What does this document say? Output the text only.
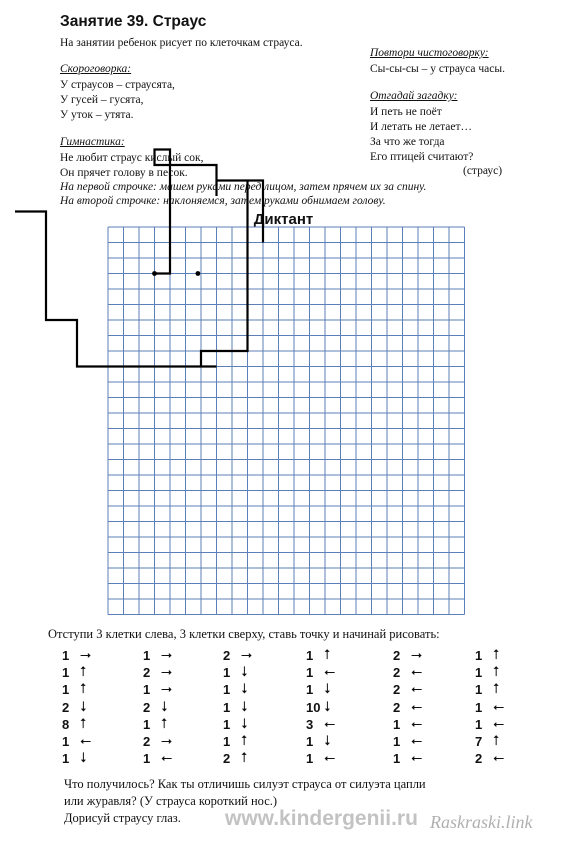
Занятие 39. Страус
На занятии ребенок рисует по клеточкам страуса.
Скороговорка:
У страусов – страусята,
У гусей – гусята,
У уток – утята.
Гимнастика:
Не любит страус кислый сок,
Он прячет голову в песок.
На первой строчке: машем руками перед лицом, затем прячем их за спину.
На второй строчке: наклоняемся, затем руками обнимаем голову.
Повтори чистоговорку:
Сы-сы-сы – у страуса часы.
Отгадай загадку:
И петь не поёт
И летать не летает…
За что же тогда
Его птицей считают?
(страус)
Диктант
Отступи 3 клетки слева, 3 клетки сверху, ставь точку и начинай рисовать:
1 ⭢
1 ⭡
1 ⭡
2 ⭣
8 ⭡
1 ⭠
1 ⭣
1 ⭢
2 ⭢
1 ⭢
2 ⭣
1 ⭡
2 ⭢
1 ⭠
2 ⭢
1 ⭣
1 ⭣
1 ⭣
1 ⭣
1 ⭡
2 ⭡
1 ⭡
1 ⭠
1 ⭣
10 ⭣
3 ⭠
1 ⭣
1 ⭠
2 ⭢
2 ⭠
2 ⭠
2 ⭠
1 ⭠
1 ⭠
1 ⭠
1 ⭡
1 ⭡
1 ⭡
1 ⭠
1 ⭠
7 ⭡
2 ⭠
Что получилось? Как ты отличишь силуэт страуса от силуэта цапли
или журавля? (У страуса короткий нос.)
Дорисуй страусу глаз. www.kindergenii.ru Raskraski.link
